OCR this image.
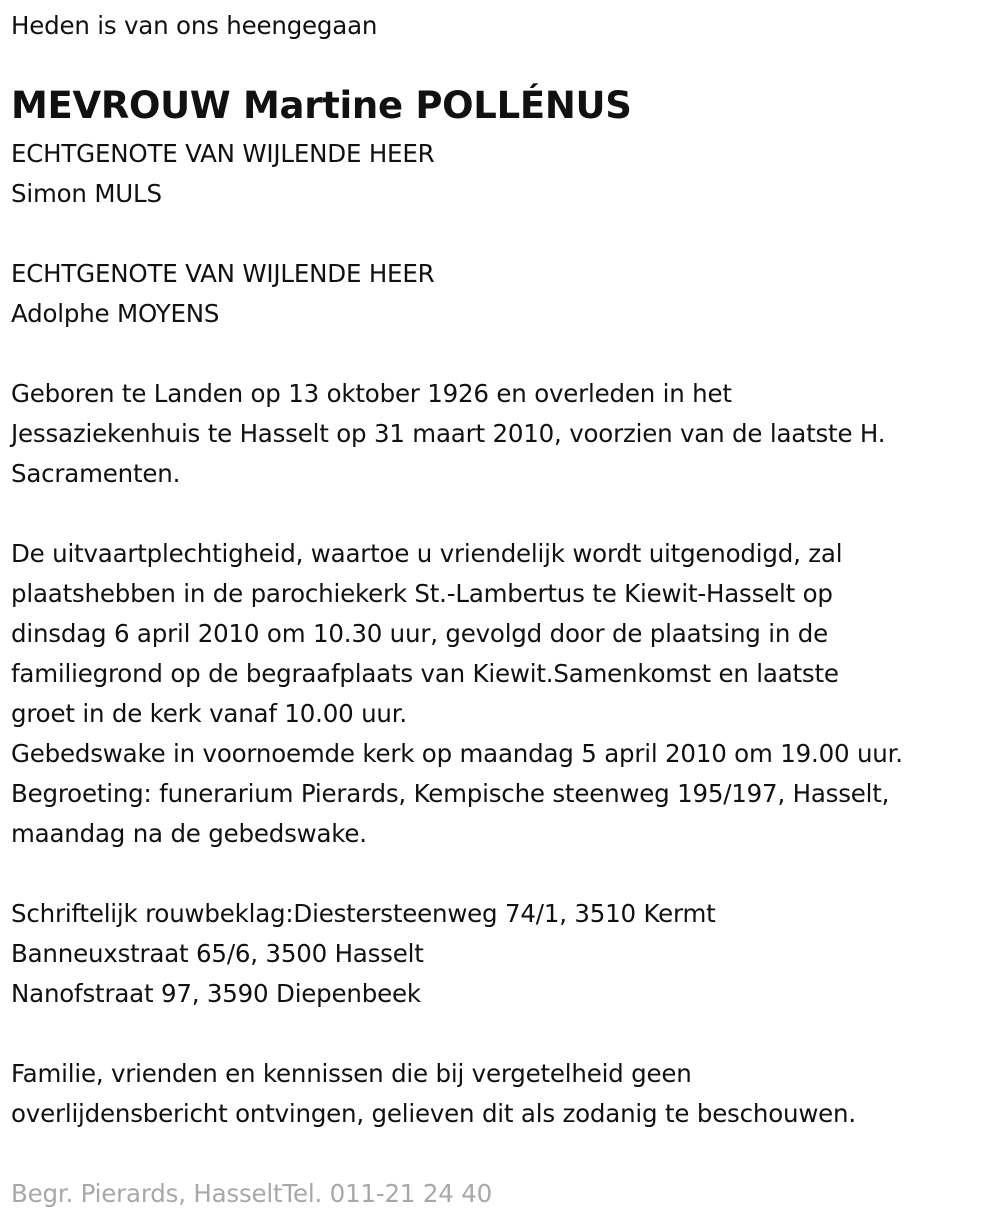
Heden is van ons heengegaan
MEVROUW Martine POLLÉNUS
ECHTGENOTE VAN WIJLENDE HEER
Simon MULS
ECHTGENOTE VAN WIJLENDE HEER
Adolphe MOYENS
Geboren te Landen op 13 oktober 1926 en overleden in het
Jessaziekenhuis te Hasselt op 31 maart 2010, voorzien van de laatste H.
Sacramenten.
De uitvaartplechtigheid, waartoe u vriendelijk wordt uitgenodigd, zal
plaatshebben in de parochiekerk St.-Lambertus te Kiewit-Hasselt op
dinsdag 6 april 2010 om 10.30 uur, gevolgd door de plaatsing in de
familiegrond op de begraafplaats van Kiewit.Samenkomst en laatste
groet in de kerk vanaf 10.00 uur.
Gebedswake in voornoemde kerk op maandag 5 april 2010 om 19.00 uur.
Begroeting: funerarium Pierards, Kempische steenweg 195/197, Hasselt,
maandag na de gebedswake.
Schriftelijk rouwbeklag:Diestersteenweg 74/1, 3510 Kermt
Banneuxstraat 65/6, 3500 Hasselt
Nanofstraat 97, 3590 Diepenbeek
Familie, vrienden en kennissen die bij vergetelheid geen
overlijdensbericht ontvingen, gelieven dit als zodanig te beschouwen.
Begr. Pierards, HasseltTel. 011-21 24 40
